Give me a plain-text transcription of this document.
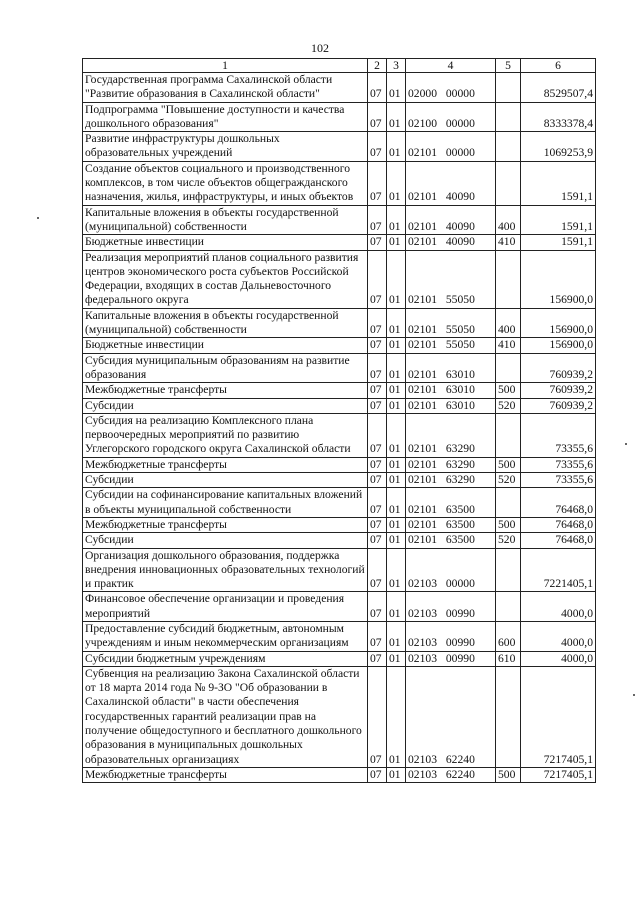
102
1	2	3	4	5	6
Государственная программа Сахалинской области "Развитие образования в Сахалинской области"	07	01	02000 00000		8529507,4
Подпрограмма "Повышение доступности и качества дошкольного образования"	07	01	02100 00000		8333378,4
Развитие инфраструктуры дошкольных образовательных учреждений	07	01	02101 00000		1069253,9
Создание объектов социального и производственного комплексов, в том числе объектов общегражданского назначения, жилья, инфраструктуры, и иных объектов	07	01	02101 40090		1591,1
Капитальные вложения в объекты государственной (муниципальной) собственности	07	01	02101 40090	400	1591,1
Бюджетные инвестиции	07	01	02101 40090	410	1591,1
Реализация мероприятий планов социального развития центров экономического роста субъектов Российской Федерации, входящих в состав Дальневосточного федерального округа	07	01	02101 55050		156900,0
Капитальные вложения в объекты государственной (муниципальной) собственности	07	01	02101 55050	400	156900,0
Бюджетные инвестиции	07	01	02101 55050	410	156900,0
Субсидия муниципальным образованиям на развитие образования	07	01	02101 63010		760939,2
Межбюджетные трансферты	07	01	02101 63010	500	760939,2
Субсидии	07	01	02101 63010	520	760939,2
Субсидия на реализацию Комплексного плана первоочередных мероприятий по развитию Углегорского городского округа Сахалинской области	07	01	02101 63290		73355,6
Межбюджетные трансферты	07	01	02101 63290	500	73355,6
Субсидии	07	01	02101 63290	520	73355,6
Субсидии на софинансирование капитальных вложений в объекты муниципальной собственности	07	01	02101 63500		76468,0
Межбюджетные трансферты	07	01	02101 63500	500	76468,0
Субсидии	07	01	02101 63500	520	76468,0
Организация дошкольного образования, поддержка внедрения инновационных образовательных технологий и практик	07	01	02103 00000		7221405,1
Финансовое обеспечение организации и проведения мероприятий	07	01	02103 00990		4000,0
Предоставление субсидий бюджетным, автономным учреждениям и иным некоммерческим организациям	07	01	02103 00990	600	4000,0
Субсидии бюджетным учреждениям	07	01	02103 00990	610	4000,0
Субвенция на реализацию Закона Сахалинской области от 18 марта 2014 года № 9-ЗО "Об образовании в Сахалинской области" в части обеспечения государственных гарантий реализации прав на получение общедоступного и бесплатного дошкольного образования в муниципальных дошкольных образовательных организациях	07	01	02103 62240		7217405,1
Межбюджетные трансферты	07	01	02103 62240	500	7217405,1
